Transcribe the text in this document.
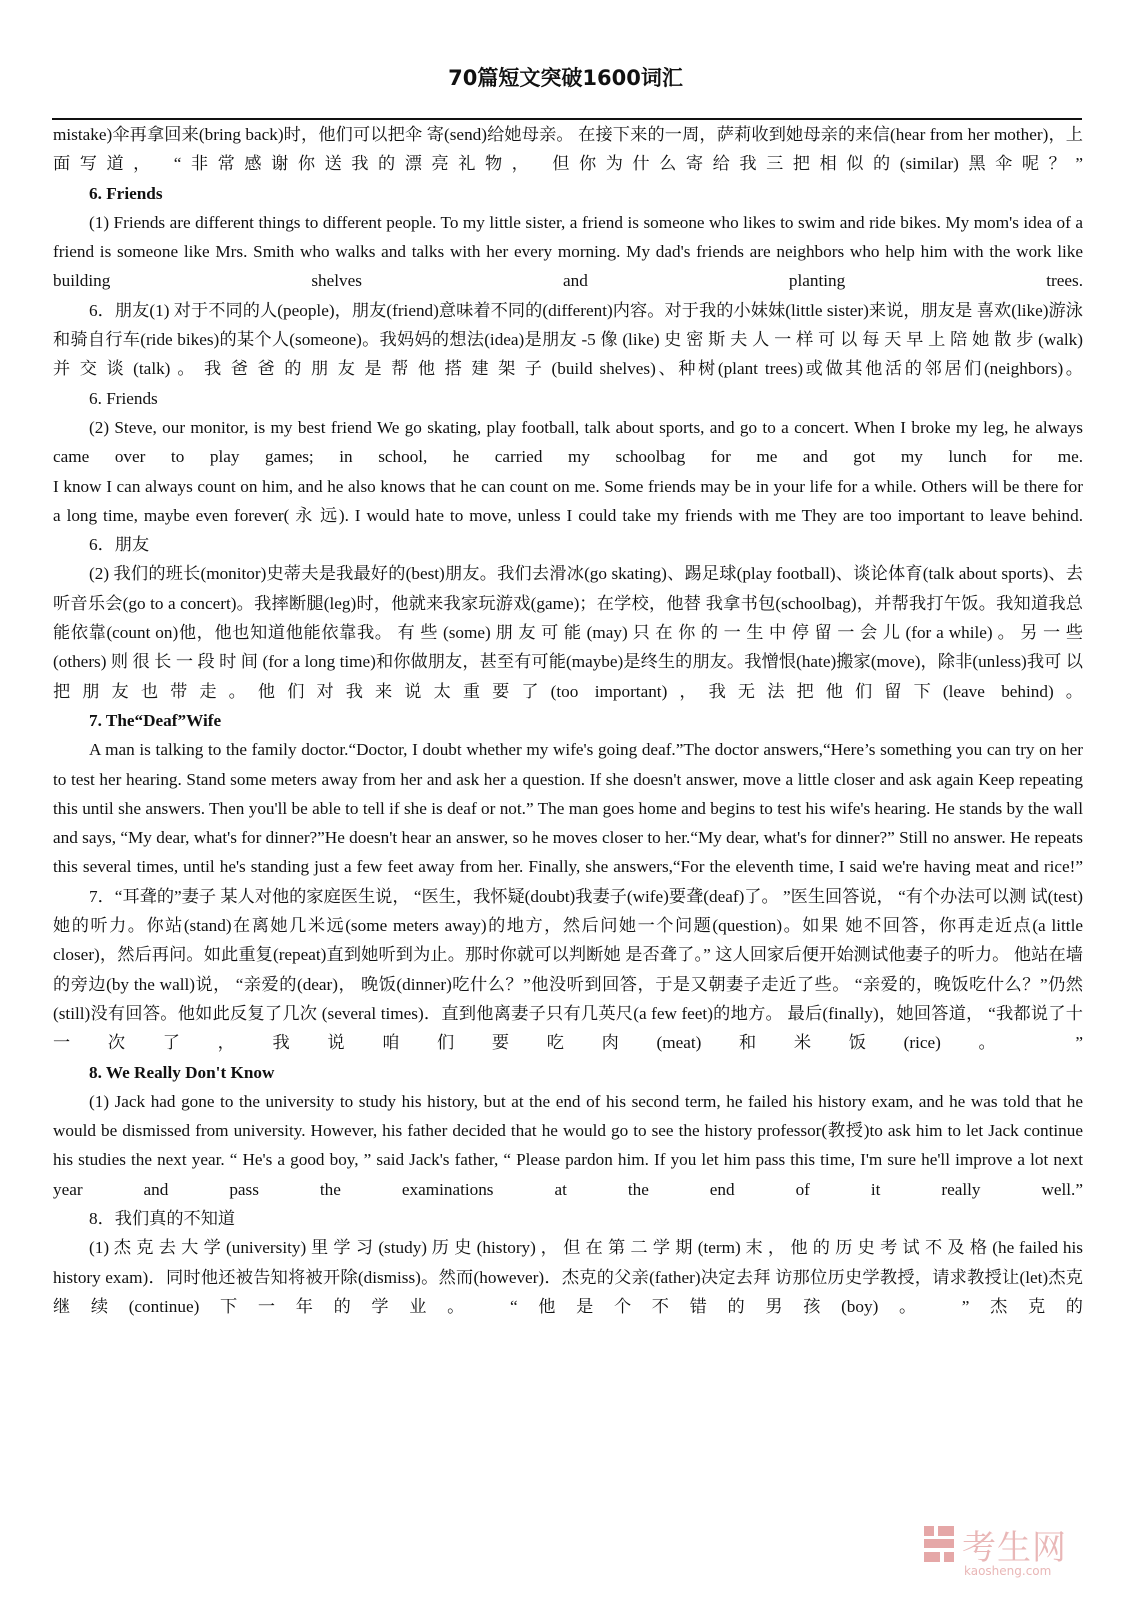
70篇短文突破1600词汇

mistake)伞再拿回来(bring back)时，他们可以把伞 寄(send)给她母亲。 在接下来的一周，萨莉收到她母亲的来信(hear from her mother)，上面写道， “非常感谢你送我的漂亮礼物， 但你为什么寄给我三把相似的(similar)黑伞呢？”

6. Friends

(1) Friends are different things to different people. To my little sister, a friend is someone who likes to swim and ride bikes. My mom's idea of a friend is someone like Mrs. Smith who walks and talks with her every morning. My dad's friends are neighbors who help him with the work like building shelves and planting trees.

6．朋友(1) 对于不同的人(people)，朋友(friend)意味着不同的(different)内容。对于我的小妹妹(little sister)来说，朋友是 喜欢(like)游泳和骑自行车(ride bikes)的某个人(someone)。我妈妈的想法(idea)是朋友 -5 像 (like) 史 密 斯 夫 人 一 样 可 以 每 天 早 上 陪 她 散 步 (walk) 并 交 谈 (talk) 。 我 爸 爸 的 朋 友 是 帮 他 搭 建 架 子 (build shelves)、种树(plant trees)或做其他活的邻居们(neighbors)。

6. Friends

(2) Steve, our monitor, is my best friend We go skating, play football, talk about sports, and go to a concert. When I broke my leg, he always came over to play games; in school, he carried my schoolbag for me and got my lunch for me.

I know I can always count on him, and he also knows that he can count on me. Some friends may be in your life for a while. Others will be there for a long time, maybe even forever( 永 远). I would hate to move, unless I could take my friends with me They are too important to leave behind.

6．朋友

(2) 我们的班长(monitor)史蒂夫是我最好的(best)朋友。我们去滑冰(go skating)、踢足球(play football)、谈论体育(talk about sports)、去听音乐会(go to a concert)。我摔断腿(leg)时，他就来我家玩游戏(game)；在学校，他替 我拿书包(schoolbag)，并帮我打午饭。我知道我总能依靠(count on)他，他也知道他能依靠我。 有 些 (some) 朋 友 可 能 (may) 只 在 你 的 一 生 中 停 留 一 会 儿 (for a while) 。 另 一 些 (others) 则 很 长 一 段 时 间 (for a long time)和你做朋友，甚至有可能(maybe)是终生的朋友。我憎恨(hate)搬家(move)，除非(unless)我可 以把朋友也带走。他们对我来说太重要了(too important)，我无法把他们留下(leave behind)。

7. The“Deaf”Wife

A man is talking to the family doctor.“Doctor, I doubt whether my wife's going deaf.”The doctor answers,“Here’s something you can try on her to test her hearing. Stand some meters away from her and ask her a question. If she doesn't answer, move a little closer and ask again Keep repeating this until she answers. Then you'll be able to tell if she is deaf or not.” The man goes home and begins to test his wife's hearing. He stands by the wall and says, “My dear, what's for dinner?”He doesn't hear an answer, so he moves closer to her.“My dear, what's for dinner?” Still no answer. He repeats this several times, until he's standing just a few feet away from her. Finally, she answers,“For the eleventh time, I said we're having meat and rice!”

7．“耳聋的”妻子 某人对他的家庭医生说， “医生，我怀疑(doubt)我妻子(wife)要聋(deaf)了。 ”医生回答说， “有个办法可以测 试(test)她的听力。你站(stand)在离她几米远(some meters away)的地方，然后问她一个问题(question)。如果 她不回答，你再走近点(a little closer)，然后再问。如此重复(repeat)直到她听到为止。那时你就可以判断她 是否聋了。” 这人回家后便开始测试他妻子的听力。 他站在墙的旁边(by the wall)说， “亲爱的(dear)， 晚饭(dinner)吃什么？”他没听到回答，于是又朝妻子走近了些。 “亲爱的，晚饭吃什么？”仍然(still)没有回答。他如此反复了几次 (several times)．直到他离妻子只有几英尺(a few feet)的地方。 最后(finally)，她回答道， “我都说了十一次了，我说咱们要吃肉(meat)和米饭(rice)。 ”

8. We Really Don't Know

(1) Jack had gone to the university to study his history, but at the end of his second term, he failed his history exam, and he was told that he would be dismissed from university. However, his father decided that he would go to see the history professor(教授)to ask him to let Jack continue his studies the next year. “ He's a good boy, ” said Jack's father, “ Please pardon him. If you let him pass this time, I'm sure he'll improve a lot next year and pass the examinations at the end of it really well.”

8．我们真的不知道

(1) 杰 克 去 大 学 (university) 里 学 习 (study) 历 史 (history) ， 但 在 第 二 学 期 (term) 末 ， 他 的 历 史 考 试 不 及 格 (he failed his history exam)．同时他还被告知将被开除(dismiss)。然而(however)．杰克的父亲(father)决定去拜 访那位历史学教授，请求教授让(let)杰克继续(continue)下一年的学业。 “他是个不错的男孩(boy)。 ”杰克的

考生网
kaosheng.com
